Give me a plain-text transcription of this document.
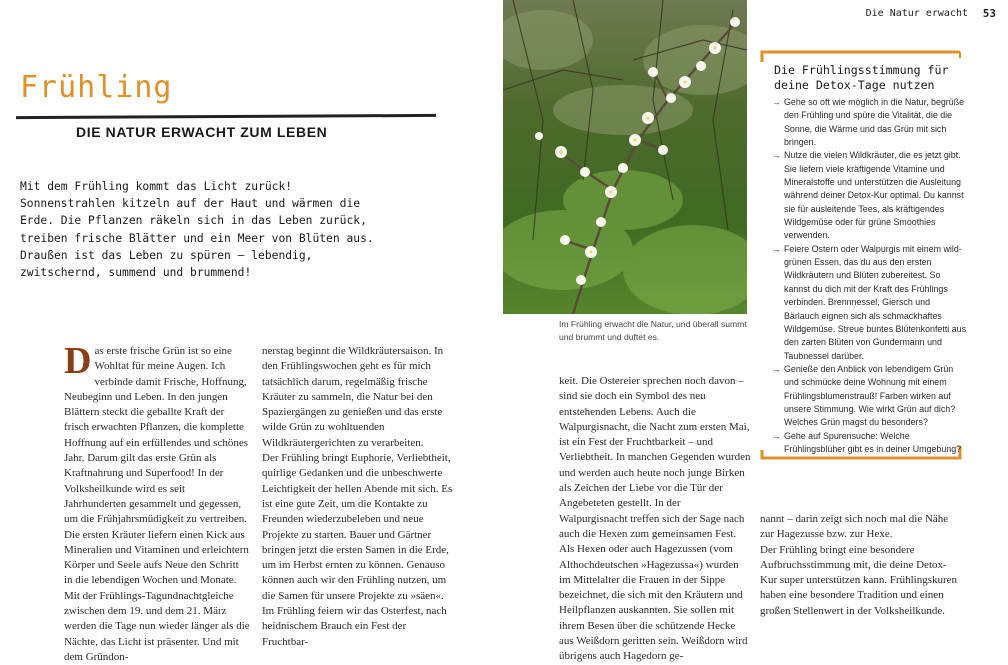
Frühling
DIE NATUR ERWACHT ZUM LEBEN

Mit dem Frühling kommt das Licht zurück! Sonnenstrahlen kitzeln auf der Haut und wärmen die Erde. Die Pflanzen räkeln sich in das Leben zurück, treiben frische Blätter und ein Meer von Blüten aus. Draußen ist das Leben zu spüren – lebendig, zwitschernd, summend und brummend!

Das erste frische Grün ist so eine Wohltat für meine Augen. Ich verbinde damit Frische, Hoffnung, Neubeginn und Leben. In den jungen Blättern steckt die geballte Kraft der frisch erwachten Pflanzen, die komplette Hoffnung auf ein erfüllendes und schönes Jahr. Darum gilt das erste Grün als Kraftnahrung und Superfood! In der Volksheilkunde wird es seit Jahrhunderten gesammelt und gegessen, um die Frühjahrsmüdigkeit zu vertreiben. Die ersten Kräuter liefern einen Kick aus Mineralien und Vitaminen und erleichtern Körper und Seele aufs Neue den Schritt in die lebendigen Wochen und Monate.

Mit der Frühlings-Tagundnachtgleiche zwischen dem 19. und dem 21. März werden die Tage nun wieder länger als die Nächte, das Licht ist präsenter. Und mit dem Gründon-

nerstag beginnt die Wildkräutersaison. In den Frühlingswochen geht es für mich tatsächlich darum, regelmäßig frische Kräuter zu sammeln, die Natur bei den Spaziergängen zu genießen und das erste wilde Grün zu wohltuenden Wildkräutergerichten zu verarbeiten.

Der Frühling bringt Euphorie, Verliebtheit, quirlige Gedanken und die unbeschwerte Leichtigkeit der hellen Abende mit sich. Es ist eine gute Zeit, um die Kontakte zu Freunden wiederzubeleben und neue Projekte zu starten. Bauer und Gärtner bringen jetzt die ersten Samen in die Erde, um im Herbst ernten zu können. Genauso können auch wir den Frühling nutzen, um die Samen für unsere Projekte zu »säen«.

Im Frühling feiern wir das Osterfest, nach heidnischem Brauch ein Fest der Fruchtbar-

Im Frühling erwacht die Natur, und überall summt und brummt und duftet es.

keit. Die Ostereier sprechen noch davon – sind sie doch ein Symbol des neu entstehenden Lebens. Auch die Walpurgisnacht, die Nacht zum ersten Mai, ist ein Fest der Fruchtbarkeit – und Verliebtheit. In manchen Gegenden wurden und werden auch heute noch junge Birken als Zeichen der Liebe vor die Tür der Angebeteten gestellt. In der Walpurgisnacht treffen sich der Sage nach auch die Hexen zum gemeinsamen Fest. Als Hexen oder auch Hagezussen (vom Althochdeutschen »Hagezussa«) wurden im Mittelalter die Frauen in der Sippe bezeichnet, die sich mit den Kräutern und Heilpflanzen auskannten. Sie sollen mit ihrem Besen über die schützende Hecke aus Weißdorn geritten sein. Weißdorn wird übrigens auch Hagedorn ge-

Die Natur erwacht 53
Die Frühlingsstimmung für deine Detox-Tage nutzen
→ Gehe so oft wie möglich in die Natur, begrüße den Frühling und spüre die Vitalität, die die Sonne, die Wärme und das Grün mit sich bringen.
→ Nutze die vielen Wildkräuter, die es jetzt gibt. Sie liefern viele kräftigende Vitamine und Mineralstoffe und unterstützen die Ausleitung während deiner Detox-Kur optimal. Du kannst sie für ausleitende Tees, als kräftigendes Wildgemüse oder für grüne Smoothies verwenden.
→ Feiere Ostern oder Walpurgis mit einem wild-grünen Essen, das du aus den ersten Wildkräutern und Blüten zubereitest. So kannst du dich mit der Kraft des Frühlings verbinden. Brennnessel, Giersch und Bärlauch eignen sich als schmackhaftes Wildgemüse. Streue buntes Blütenkonfetti aus den zarten Blüten von Gundermann und Taubnessel darüber.
→ Genieße den Anblick von lebendigem Grün und schmücke deine Wohnung mit einem Frühlingsblumenstrauß! Farben wirken auf unsere Stimmung. Wie wirkt Grün auf dich? Welches Grün magst du besonders?
→ Gehe auf Spurensuche: Welche Frühlingsblüher gibt es in deiner Umgebung?

nannt – darin zeigt sich noch mal die Nähe zur Hagezusse bzw. zur Hexe.

Der Frühling bringt eine besondere Aufbruchsstimmung mit, die deine Detox-Kur super unterstützen kann. Frühlingskuren haben eine besondere Tradition und einen großen Stellenwert in der Volksheilkunde.
